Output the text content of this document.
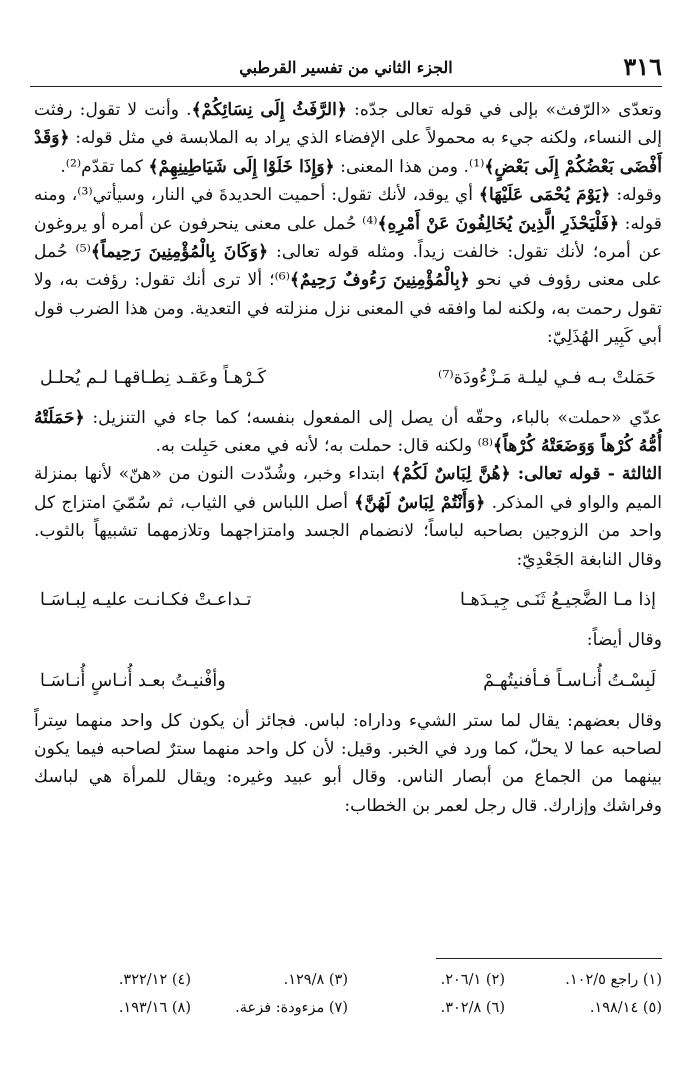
٣١٦
الجزء الثاني من تفسير القرطبي

وتعدّى «الرّفث» بإلى في قوله تعالى جدّه: ﴿الرَّفَثُ إِلَى نِسَائِكُمْ﴾. وأنت لا تقول: رفثت إلى النساء، ولكنه جيء به محمولاً على الإفضاء الذي يراد به الملابسة في مثل قوله: ﴿وَقَدْ أَفْضَى بَعْضُكُمْ إِلَى بَعْضٍ﴾⁽¹⁾. ومن هذا المعنى: ﴿وَإِذَا خَلَوْا إِلَى شَيَاطِينِهِمْ﴾ كما تقدّم⁽²⁾.

وقوله: ﴿يَوْمَ يُحْمَى عَلَيْهَا﴾ أي يوقد، لأنك تقول: أحميت الحديدةَ في النار، وسيأتي⁽³⁾، ومنه قوله: ﴿فَلْيَحْذَرِ الَّذِينَ يُخَالِفُونَ عَنْ أَمْرِهِ﴾⁽⁴⁾ حُمل على معنى ينحرفون عن أمره أو يروغون عن أمره؛ لأنك تقول: خالفت زيداً. ومثله قوله تعالى: ﴿وَكَانَ بِالْمُؤْمِنِينَ رَحِيماً﴾⁽⁵⁾ حُمل على معنى رؤوف في نحو ﴿بِالْمُؤْمِنِينَ رَءُوفٌ رَحِيمٌ﴾⁽⁶⁾؛ ألا ترى أنك تقول: رؤفت به، ولا تقول رحمت به، ولكنه لما وافقه في المعنى نزل منزلته في التعدية. ومن هذا الضرب قول أبي كَبِير الهُذَلِيّ:

حَمَلتْ بـه فـي ليلـة مَـزْءُودَة⁽⁷⁾
كَـرْهـاً وعَقـد نِطـاقهـا لـم يُحلـل

عدّي «حملت» بالباء، وحقّه أن يصل إلى المفعول بنفسه؛ كما جاء في التنزيل: ﴿حَمَلَتْهُ أُمُّهُ كُرْهاً وَوَضَعَتْهُ كُرْهاً﴾⁽⁸⁾ ولكنه قال: حملت به؛ لأنه في معنى حَبِلت به.

الثالثة - قوله تعالى: ﴿هُنَّ لِبَاسٌ لَكُمْ﴾ ابتداء وخبر، وشُدّدت النون من «هنّ» لأنها بمنزلة الميم والواو في المذكر. ﴿وَأَنْتُمْ لِبَاسٌ لَهُنَّ﴾ أصل اللباس في الثياب، ثم سُمّيَ امتزاج كل واحد من الزوجين بصاحبه لباساً؛ لانضمام الجسد وامتزاجهما وتلازمهما تشبيهاً بالثوب. وقال النابغة الجَعْدِيّ:

إذا مـا الضَّجيـعُ ثَنَـى جِيـدَهـا
تـداعـتْ فكـانـت عليـه لِبـاسَـا

وقال أيضاً:

لَبِسْـتُ أُنـاسـاً فـأفنيتُهـمْ
وأفْنيـتُ بعـد أُنـاسٍ أُنـاسَـا

وقال بعضهم: يقال لما ستر الشيء وداراه: لباس. فجائز أن يكون كل واحد منهما سِتراً لصاحبه عما لا يحلّ، كما ورد في الخبر. وقيل: لأن كل واحد منهما سترٌ لصاحبه فيما يكون بينهما من الجماع من أبصار الناس. وقال أبو عبيد وغيره: ويقال للمرأة هي لباسك وفراشك وإزارك. قال رجل لعمر بن الخطاب:

(١) راجع ١٠٢/٥.
(٢) ٢٠٦/١.
(٣) ١٢٩/٨.
(٤) ٣٢٢/١٢.
(٥) ١٩٨/١٤.
(٦) ٣٠٢/٨.
(٧) مزءودة: فزعة.
(٨) ١٩٣/١٦.
